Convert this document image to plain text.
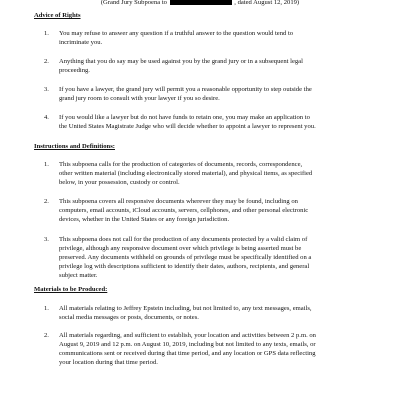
(Grand Jury Subpoena to	, dated August 12, 2019)
Advice of Rights
1.	You may refuse to answer any question if a truthful answer to the question would tend to
incriminate you.
2.	Anything that you do say may be used against you by the grand jury or in a subsequent legal
proceeding.
3.	If you have a lawyer, the grand jury will permit you a reasonable opportunity to step outside the
grand jury room to consult with your lawyer if you so desire.
4.	If you would like a lawyer but do not have funds to retain one, you may make an application to
the United States Magistrate Judge who will decide whether to appoint a lawyer to represent you.
Instructions and Definitions:
1.	This subpoena calls for the production of categories of documents, records, correspondence,
other written material (including electronically stored material), and physical items, as specified
below, in your possession, custody or control.
2.	This subpoena covers all responsive documents wherever they may be found, including on
computers, email accounts, iCloud accounts, servers, cellphones, and other personal electronic
devices, whether in the United States or any foreign jurisdiction.
3.	This subpoena does not call for the production of any documents protected by a valid claim of
privilege, although any responsive document over which privilege is being asserted must be
preserved. Any documents withheld on grounds of privilege must be specifically identified on a
privilege log with descriptions sufficient to identify their dates, authors, recipients, and general
subject matter.
Materials to be Produced:
1.	All materials relating to Jeffrey Epstein including, but not limited to, any text messages, emails,
social media messages or posts, documents, or notes.
2.	All materials regarding, and sufficient to establish, your location and activities between 2 p.m. on
August 9, 2019 and 12 p.m. on August 10, 2019, including but not limited to any texts, emails, or
communications sent or received during that time period, and any location or GPS data reflecting
your location during that time period.
